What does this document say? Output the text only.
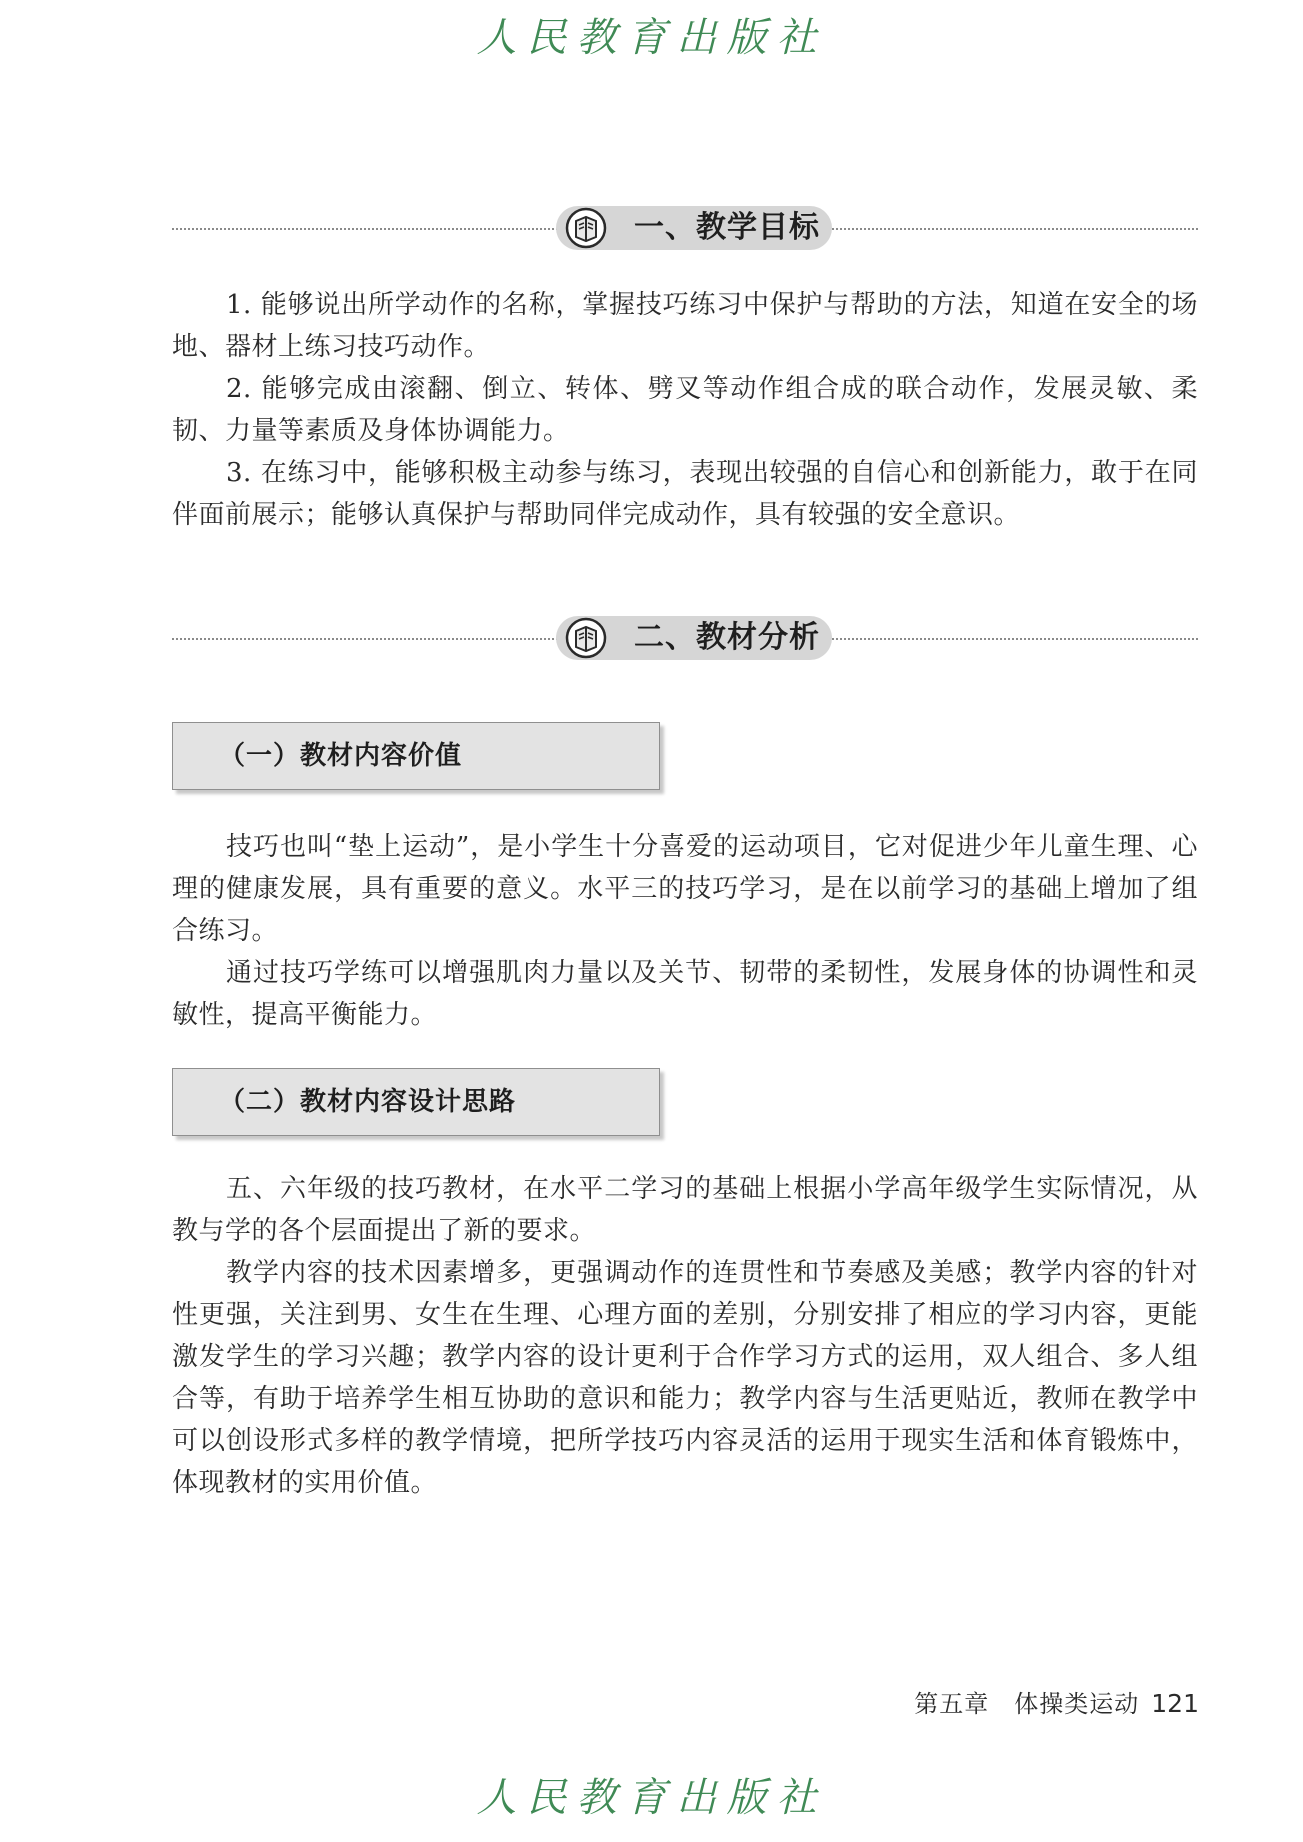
人民教育出版社
一、教学目标

1. 能够说出所学动作的名称，掌握技巧练习中保护与帮助的方法，知道在安全的场地、器材上练习技巧动作。

2. 能够完成由滚翻、倒立、转体、劈叉等动作组合成的联合动作，发展灵敏、柔韧、力量等素质及身体协调能力。

3. 在练习中，能够积极主动参与练习，表现出较强的自信心和创新能力，敢于在同伴面前展示；能够认真保护与帮助同伴完成动作，具有较强的安全意识。

二、教材分析
（一）教材内容价值

技巧也叫“垫上运动”，是小学生十分喜爱的运动项目，它对促进少年儿童生理、心理的健康发展，具有重要的意义。水平三的技巧学习，是在以前学习的基础上增加了组合练习。

通过技巧学练可以增强肌肉力量以及关节、韧带的柔韧性，发展身体的协调性和灵敏性，提高平衡能力。

（二）教材内容设计思路

五、六年级的技巧教材，在水平二学习的基础上根据小学高年级学生实际情况，从教与学的各个层面提出了新的要求。

教学内容的技术因素增多，更强调动作的连贯性和节奏感及美感；教学内容的针对性更强，关注到男、女生在生理、心理方面的差别，分别安排了相应的学习内容，更能激发学生的学习兴趣；教学内容的设计更利于合作学习方式的运用，双人组合、多人组合等，有助于培养学生相互协助的意识和能力；教学内容与生活更贴近，教师在教学中可以创设形式多样的教学情境，把所学技巧内容灵活的运用于现实生活和体育锻炼中，体现教材的实用价值。

第五章　体操类运动 121
人民教育出版社
